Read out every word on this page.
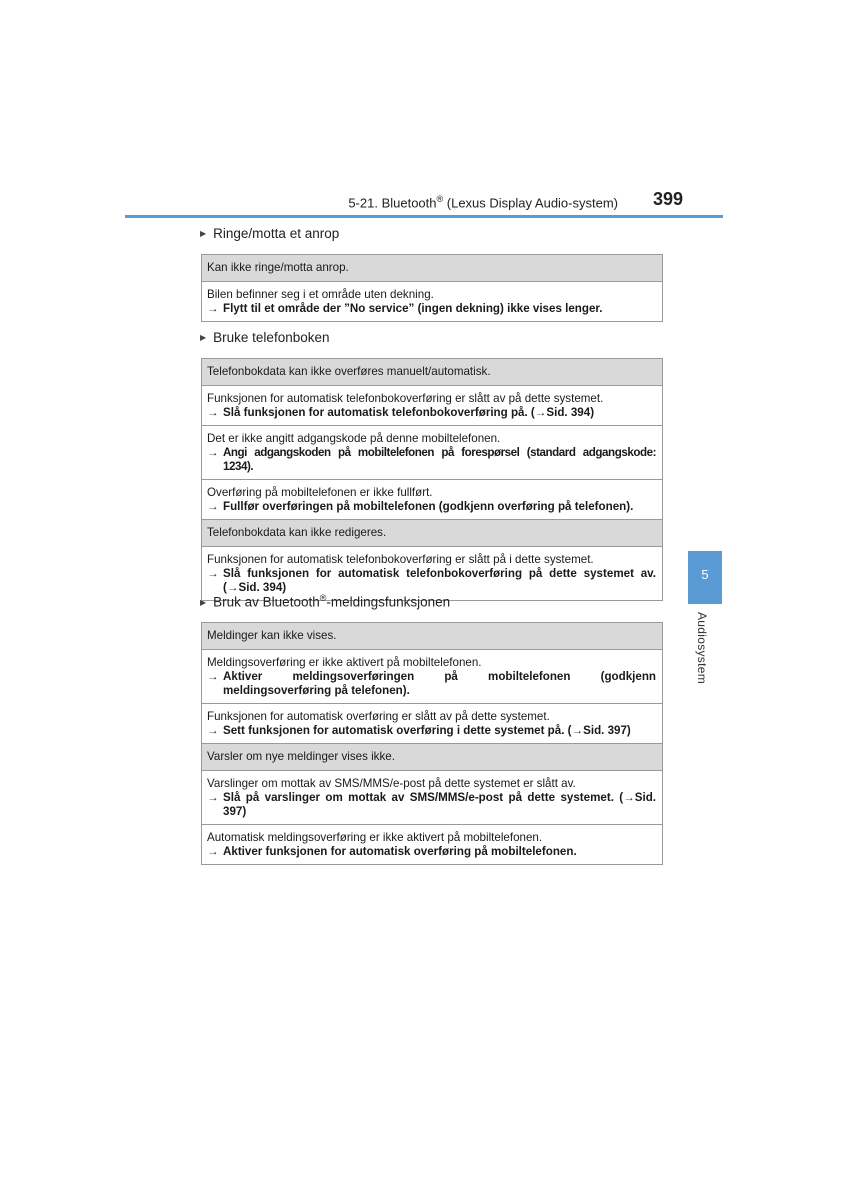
5-21. Bluetooth® (Lexus Display Audio-system) 399
▶ Ringe/motta et anrop
Kan ikke ringe/motta anrop.

Bilen befinner seg i et område uten dekning.
→ Flytt til et område der ”No service” (ingen dekning) ikke vises lenger.
▶ Bruke telefonboken
Telefonbokdata kan ikke overføres manuelt/automatisk.

Funksjonen for automatisk telefonbokoverføring er slått av på dette systemet.
→ Slå funksjonen for automatisk telefonbokoverføring på. (→Sid. 394)

Det er ikke angitt adgangskode på denne mobiltelefonen.
→ Angi adgangskoden på mobiltelefonen på forespørsel (standard adgangskode: 1234).

Overføring på mobiltelefonen er ikke fullført.
→ Fullfør overføringen på mobiltelefonen (godkjenn overføring på telefonen).

Telefonbokdata kan ikke redigeres.

Funksjonen for automatisk telefonbokoverføring er slått på i dette systemet.
→ Slå funksjonen for automatisk telefonbokoverføring på dette systemet av. (→Sid. 394)
▶ Bruk av Bluetooth®-meldingsfunksjonen
Meldinger kan ikke vises.

Meldingsoverføring er ikke aktivert på mobiltelefonen.
→ Aktiver meldingsoverføringen på mobiltelefonen (godkjenn meldingsoverføring på telefonen).

Funksjonen for automatisk overføring er slått av på dette systemet.
→ Sett funksjonen for automatisk overføring i dette systemet på. (→Sid. 397)

Varsler om nye meldinger vises ikke.

Varslinger om mottak av SMS/MMS/e-post på dette systemet er slått av.
→ Slå på varslinger om mottak av SMS/MMS/e-post på dette systemet. (→Sid. 397)

Automatisk meldingsoverføring er ikke aktivert på mobiltelefonen.
→ Aktiver funksjonen for automatisk overføring på mobiltelefonen.
5
Audiosystem
